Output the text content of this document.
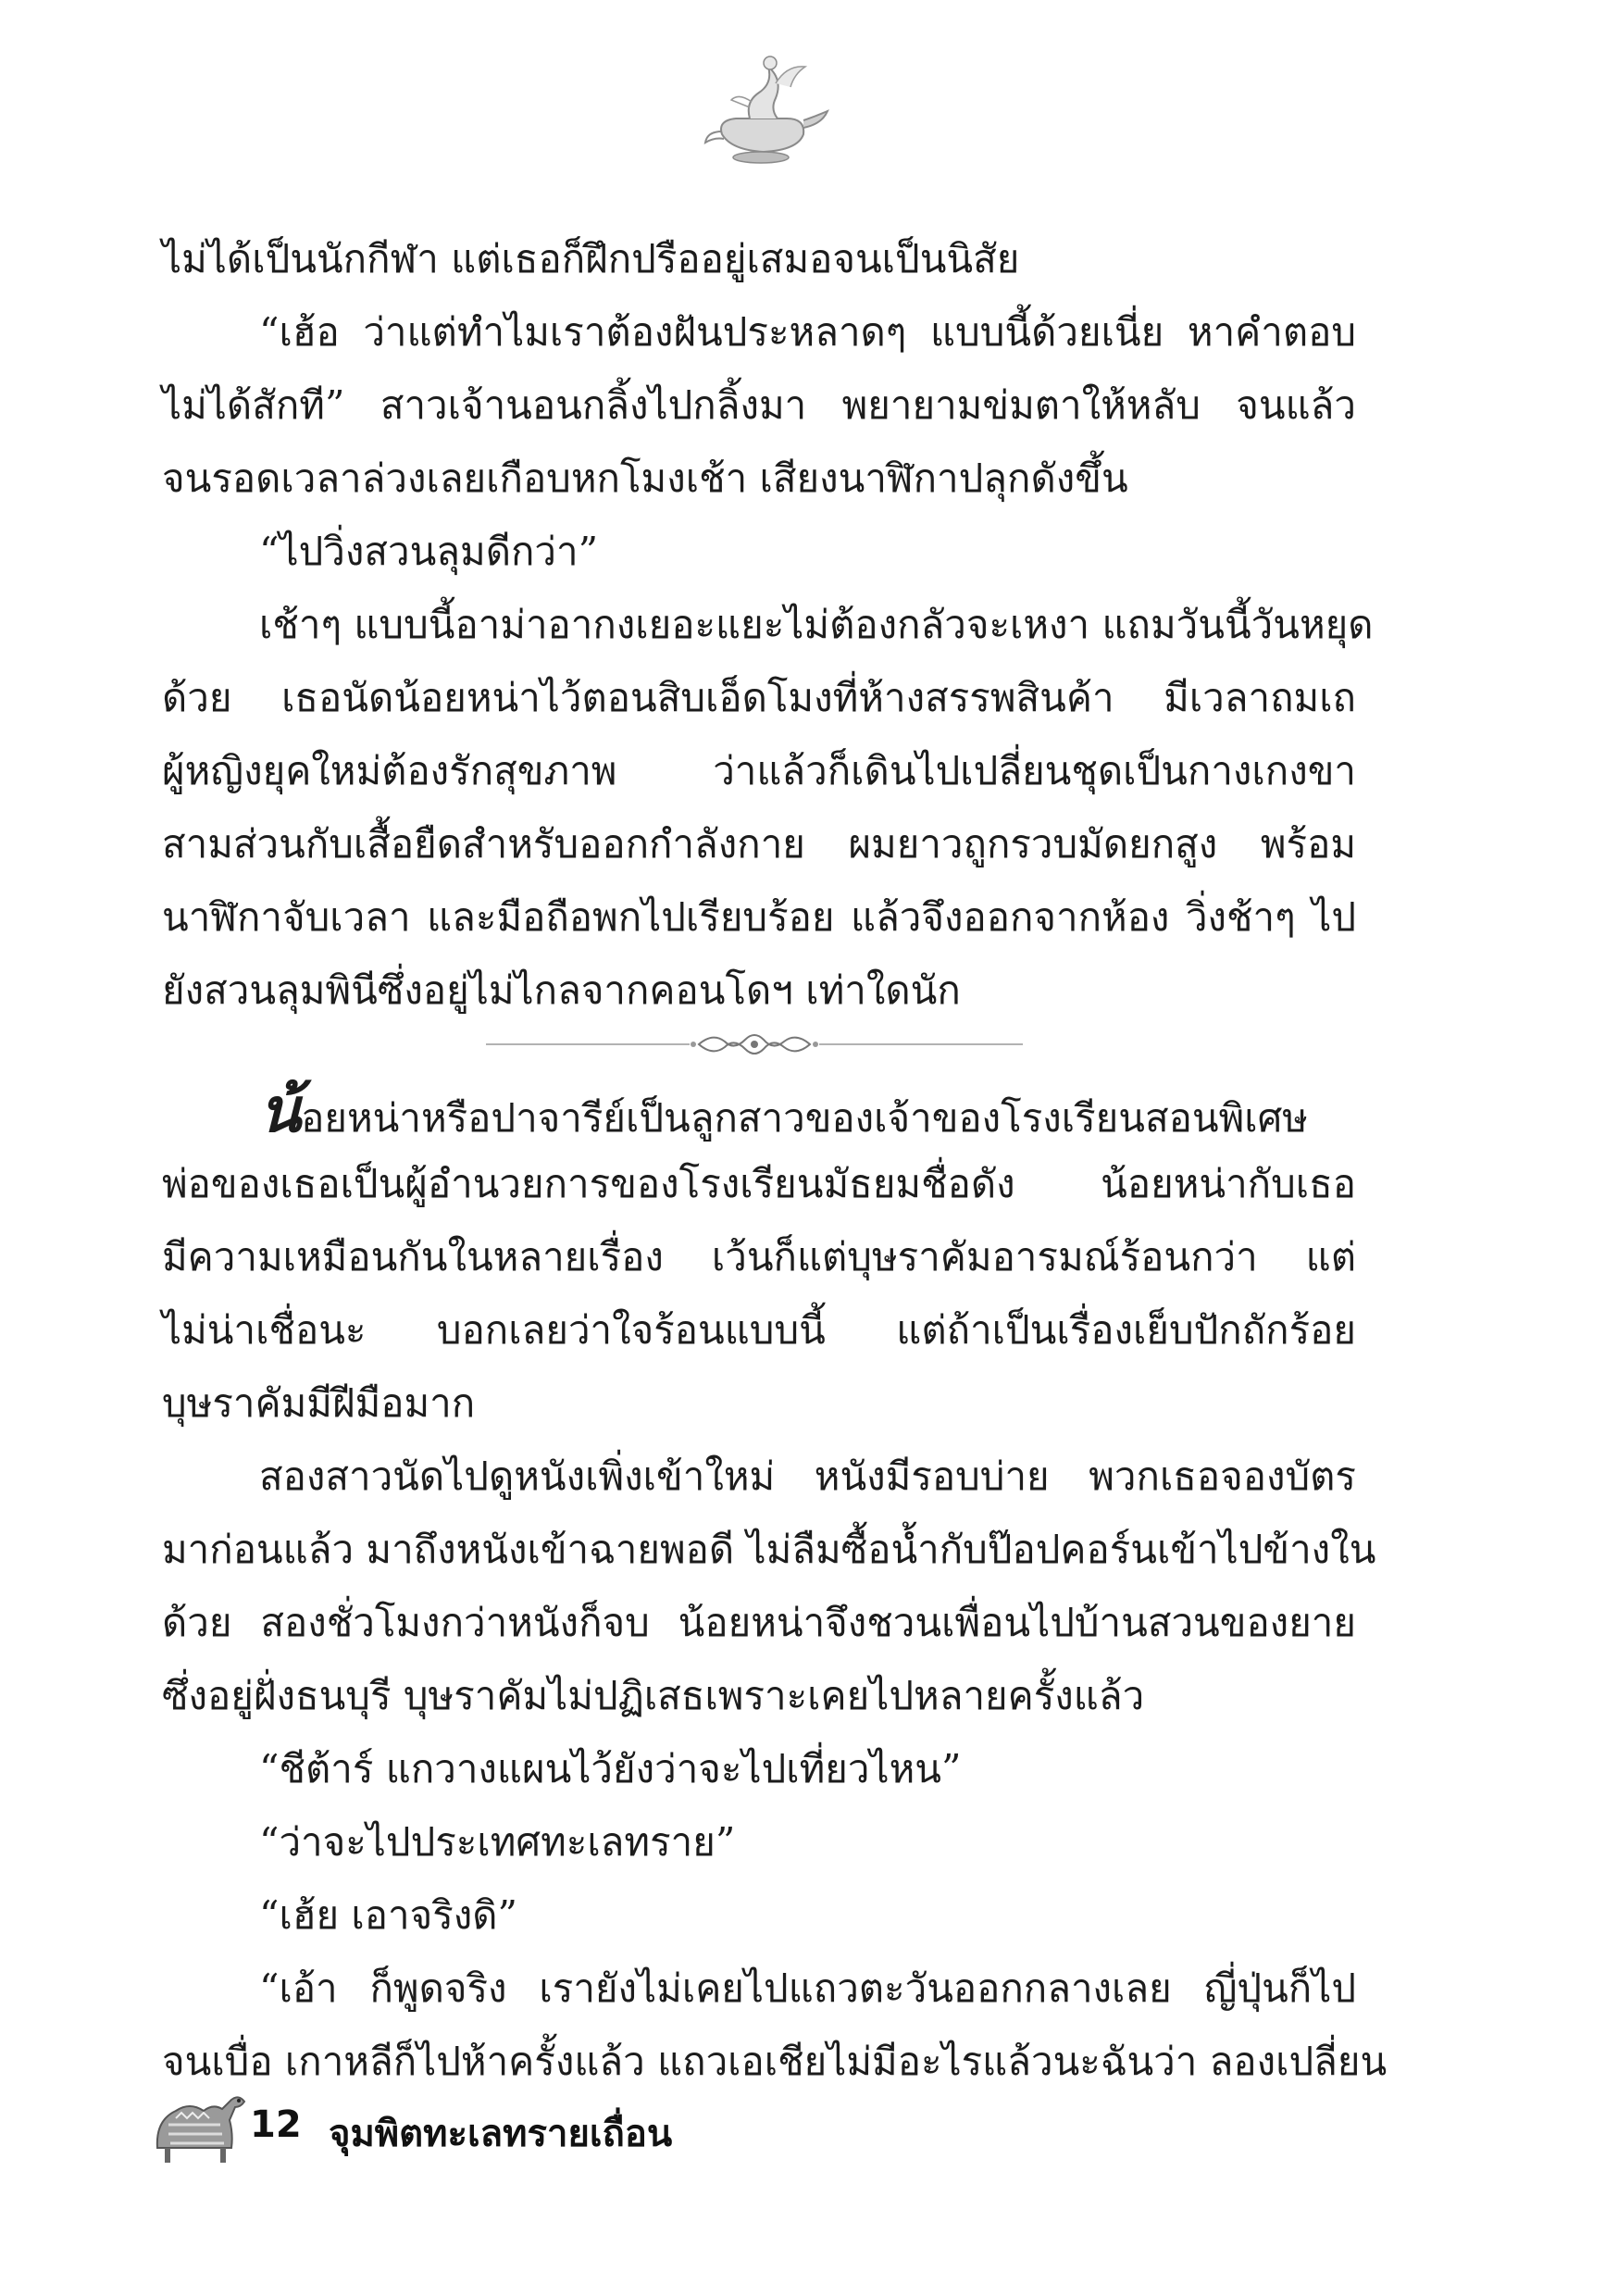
ไม่ได้เป็นนักกีฬา แต่เธอก็ฝึกปรืออยู่เสมอจนเป็นนิสัย
“เฮ้อ ว่าแต่ทำไมเราต้องฝันประหลาดๆ แบบนี้ด้วยเนี่ย หาคำตอบ
ไม่ได้สักที” สาวเจ้านอนกลิ้งไปกลิ้งมา พยายามข่มตาให้หลับ จนแล้ว
จนรอดเวลาล่วงเลยเกือบหกโมงเช้า เสียงนาฬิกาปลุกดังขึ้น
“ไปวิ่งสวนลุมดีกว่า”
เช้าๆ แบบนี้อาม่าอากงเยอะแยะไม่ต้องกลัวจะเหงา แถมวันนี้วันหยุด
ด้วย เธอนัดน้อยหน่าไว้ตอนสิบเอ็ดโมงที่ห้างสรรพสินค้า มีเวลาถมเถ
ผู้หญิงยุคใหม่ต้องรักสุขภาพ ว่าแล้วก็เดินไปเปลี่ยนชุดเป็นกางเกงขา
สามส่วนกับเสื้อยืดสำหรับออกกำลังกาย ผมยาวถูกรวบมัดยกสูง พร้อม
นาฬิกาจับเวลา และมือถือพกไปเรียบร้อย แล้วจึงออกจากห้อง วิ่งช้าๆ ไป
ยังสวนลุมพินีซึ่งอยู่ไม่ไกลจากคอนโดฯ เท่าใดนัก
น้อยหน่าหรือปาจารีย์เป็นลูกสาวของเจ้าของโรงเรียนสอนพิเศษ
พ่อของเธอเป็นผู้อำนวยการของโรงเรียนมัธยมชื่อดัง น้อยหน่ากับเธอ
มีความเหมือนกันในหลายเรื่อง เว้นก็แต่บุษราคัมอารมณ์ร้อนกว่า แต่
ไม่น่าเชื่อนะ บอกเลยว่าใจร้อนแบบนี้ แต่ถ้าเป็นเรื่องเย็บปักถักร้อย
บุษราคัมมีฝีมือมาก
สองสาวนัดไปดูหนังเพิ่งเข้าใหม่ หนังมีรอบบ่าย พวกเธอจองบัตร
มาก่อนแล้ว มาถึงหนังเข้าฉายพอดี ไม่ลืมซื้อน้ำกับป๊อปคอร์นเข้าไปข้างใน
ด้วย สองชั่วโมงกว่าหนังก็จบ น้อยหน่าจึงชวนเพื่อนไปบ้านสวนของยาย
ซึ่งอยู่ฝั่งธนบุรี บุษราคัมไม่ปฏิเสธเพราะเคยไปหลายครั้งแล้ว
“ชีต้าร์ แกวางแผนไว้ยังว่าจะไปเที่ยวไหน”
“ว่าจะไปประเทศทะเลทราย”
“เฮ้ย เอาจริงดิ”
“เอ้า ก็พูดจริง เรายังไม่เคยไปแถวตะวันออกกลางเลย ญี่ปุ่นก็ไป
จนเบื่อ เกาหลีก็ไปห้าครั้งแล้ว แถวเอเชียไม่มีอะไรแล้วนะฉันว่า ลองเปลี่ยน
12 จุมพิตทะเลทรายเถื่อน
